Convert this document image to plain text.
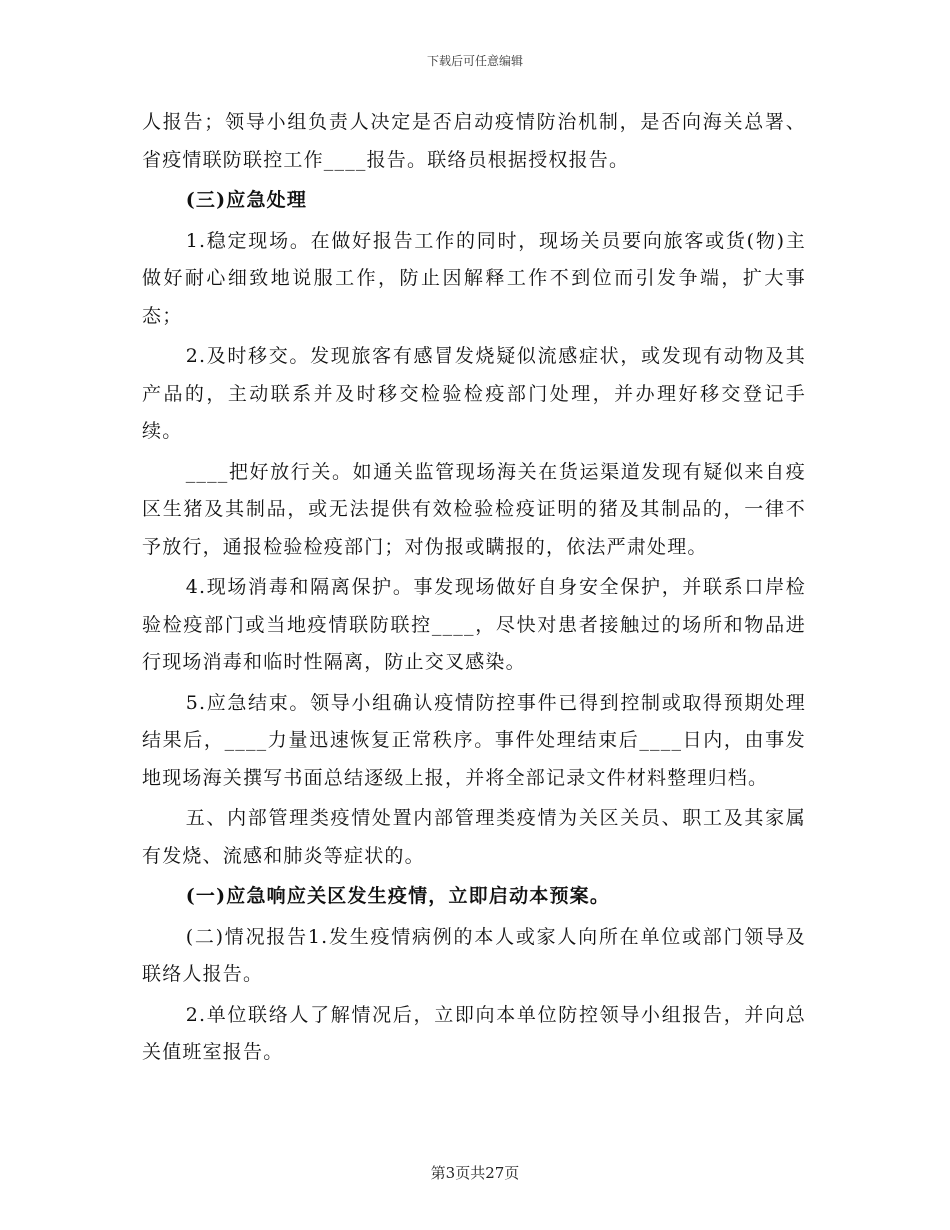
下载后可任意编辑

人报告；领导小组负责人决定是否启动疫情防治机制，是否向海关总署、省疫情联防联控工作____报告。联络员根据授权报告。

(三)应急处理

1.稳定现场。在做好报告工作的同时，现场关员要向旅客或货(物)主做好耐心细致地说服工作，防止因解释工作不到位而引发争端，扩大事态；

2.及时移交。发现旅客有感冒发烧疑似流感症状，或发现有动物及其产品的，主动联系并及时移交检验检疫部门处理，并办理好移交登记手续。

____把好放行关。如通关监管现场海关在货运渠道发现有疑似来自疫区生猪及其制品，或无法提供有效检验检疫证明的猪及其制品的，一律不予放行，通报检验检疫部门；对伪报或瞒报的，依法严肃处理。

4.现场消毒和隔离保护。事发现场做好自身安全保护，并联系口岸检验检疫部门或当地疫情联防联控____，尽快对患者接触过的场所和物品进行现场消毒和临时性隔离，防止交叉感染。

5.应急结束。领导小组确认疫情防控事件已得到控制或取得预期处理结果后，____力量迅速恢复正常秩序。事件处理结束后____日内，由事发地现场海关撰写书面总结逐级上报，并将全部记录文件材料整理归档。

五、内部管理类疫情处置内部管理类疫情为关区关员、职工及其家属有发烧、流感和肺炎等症状的。

(一)应急响应关区发生疫情，立即启动本预案。

(二)情况报告1.发生疫情病例的本人或家人向所在单位或部门领导及联络人报告。

2.单位联络人了解情况后，立即向本单位防控领导小组报告，并向总关值班室报告。

第3页共27页
